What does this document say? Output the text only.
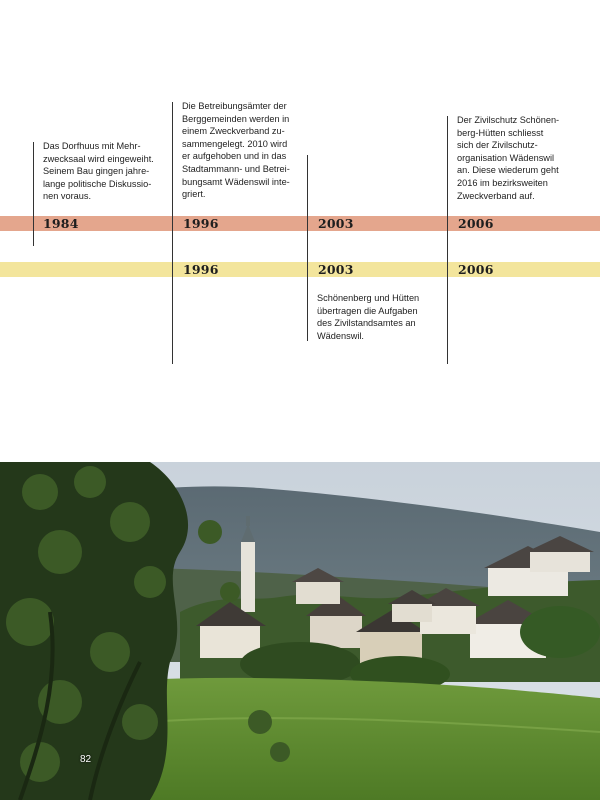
1984	1996	2003	2006
1996	2003	2006
Das Dorfhuus mit Mehr-
zwecksaal wird eingeweiht.
Seinem Bau gingen jahre-
lange politische Diskussio-
nen voraus.
Die Betreibungsämter der
Berggemeinden werden in
einem Zweckverband zu-
sammengelegt. 2010 wird
er aufgehoben und in das
Stadtammann- und Betrei-
bungsamt Wädenswil inte-
griert.
Der Zivilschutz Schönen-
berg-Hütten schliesst
sich der Zivilschutz-
organisation Wädenswil
an. Diese wiederum geht
2016 im bezirksweiten
Zweckverband auf.
Schönenberg und Hütten
übertragen die Aufgaben
des Zivilstandsamtes an
Wädenswil.
82
